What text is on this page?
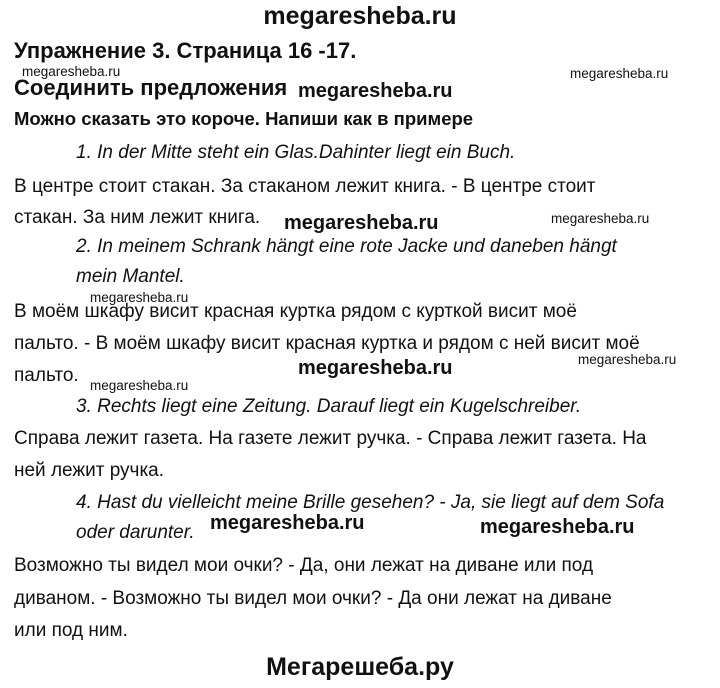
megaresheba.ru
Упражнение 3. Страница 16 -17.
Соединить предложения
Можно сказать это короче. Напиши как в примере
1. In der Mitte steht ein Glas.Dahinter liegt ein Buch.
В центре стоит стакан. За стаканом лежит книга. - В центре стоит
стакан. За ним лежит книга.
2. In meinem Schrank hängt eine rote Jacke und daneben hängt
mein Mantel.
В моём шкафу висит красная куртка рядом с курткой висит моё
пальто. - В моём шкафу висит красная куртка и рядом с ней висит моё
пальто.
3. Rechts liegt eine Zeitung. Darauf liegt ein Kugelschreiber.
Справа лежит газета. На газете лежит ручка. - Справа лежит газета. На
ней лежит ручка.
4. Hast du vielleicht meine Brille gesehen? - Ja, sie liegt auf dem Sofa
oder darunter.
Возможно ты видел мои очки? - Да, они лежат на диване или под
диваном. - Возможно ты видел мои очки? - Да они лежат на диване
или под ним.
megaresheba.ru
megaresheba.ru
megaresheba.ru
megaresheba.ru	megaresheba.ru
megaresheba.ru
megaresheba.ru
megaresheba.ru
megaresheba.ru
megaresheba.ru	megaresheba.ru
Мегарешеба.ру
